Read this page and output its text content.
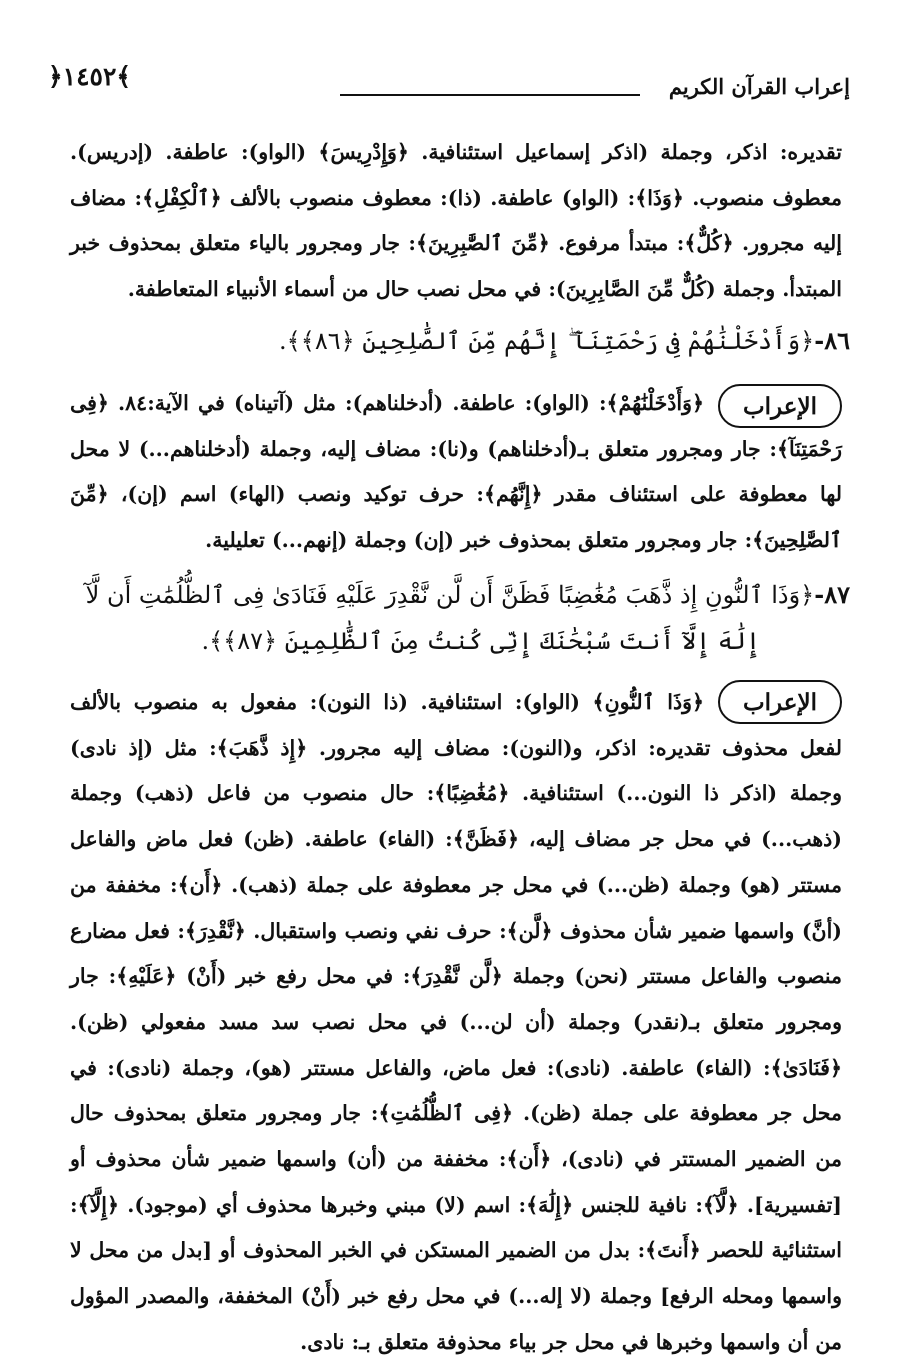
إعراب القرآن الكريم
﴿١٤٥٢﴾
تقديره: اذكر، وجملة (اذكر إسماعيل استئنافية. ﴿وَإِدْرِيسَ﴾ (الواو): عاطفة. (إدريس). معطوف منصوب. ﴿وَذَا﴾: (الواو) عاطفة. (ذا): معطوف منصوب بالألف ﴿ٱلْكِفْلِ﴾: مضاف إليه مجرور. ﴿كُلٌّ﴾: مبتدأ مرفوع. ﴿مِّنَ ٱلصَّٰبِرِينَ﴾: جار ومجرور بالياء متعلق بمحذوف خبر المبتدأ. وجملة (كُلٌّ مِّنَ الصَّابِرِينَ): في محل نصب حال من أسماء الأنبياء المتعاطفة.
٨٦-﴿وَأَدْخَلْنَٰهُمْ فِى رَحْمَتِنَآ ۖ إِنَّهُم مِّنَ ٱلصَّٰلِحِينَ ﴿٨٦﴾﴾.
الإعراب
﴿وَأَدْخَلْنَٰهُمْ﴾: (الواو): عاطفة. (أدخلناهم): مثل (آتيناه) في الآية:٨٤. ﴿فِى رَحْمَتِنَآ﴾: جار ومجرور متعلق بـ(أدخلناهم) و(نا): مضاف إليه، وجملة (أدخلناهم...) لا محل لها معطوفة على استئناف مقدر ﴿إِنَّهُم﴾: حرف توكيد ونصب (الهاء) اسم (إن)، ﴿مِّنَ ٱلصَّٰلِحِينَ﴾: جار ومجرور متعلق بمحذوف خبر (إن) وجملة (إنهم...) تعليلية.
٨٧-﴿وَذَا ٱلنُّونِ إِذ ذَّهَبَ مُغَٰضِبًا فَظَنَّ أَن لَّن نَّقْدِرَ عَلَيْهِ فَنَادَىٰ فِى ٱلظُّلُمَٰتِ أَن لَّآ
إِلَٰهَ إِلَّآ أَنتَ سُبْحَٰنَكَ إِنِّى كُنتُ مِنَ ٱلظَّٰلِمِينَ ﴿٨٧﴾﴾.
الإعراب
﴿وَذَا ٱلنُّونِ﴾ (الواو): استئنافية. (ذا النون): مفعول به منصوب بالألف لفعل محذوف تقديره: اذكر، و(النون): مضاف إليه مجرور. ﴿إِذ ذَّهَبَ﴾: مثل (إذ نادى) وجملة (اذكر ذا النون...) استئنافية. ﴿مُغَٰضِبًا﴾: حال منصوب من فاعل (ذهب) وجملة (ذهب...) في محل جر مضاف إليه، ﴿فَظَنَّ﴾: (الفاء) عاطفة. (ظن) فعل ماض والفاعل مستتر (هو) وجملة (ظن...) في محل جر معطوفة على جملة (ذهب). ﴿أَن﴾: مخففة من (أنَّ) واسمها ضمير شأن محذوف ﴿لَّن﴾: حرف نفي ونصب واستقبال. ﴿نَّقْدِرَ﴾: فعل مضارع منصوب والفاعل مستتر (نحن) وجملة ﴿لَّن نَّقْدِرَ﴾: في محل رفع خبر (أَنْ) ﴿عَلَيْهِ﴾: جار ومجرور متعلق بـ(نقدر) وجملة (أن لن...) في محل نصب سد مسد مفعولي (ظن). ﴿فَنَادَىٰ﴾: (الفاء) عاطفة. (نادى): فعل ماض، والفاعل مستتر (هو)، وجملة (نادى): في محل جر معطوفة على جملة (ظن). ﴿فِى ٱلظُّلُمَٰتِ﴾: جار ومجرور متعلق بمحذوف حال من الضمير المستتر في (نادى)، ﴿أَن﴾: مخففة من (أن) واسمها ضمير شأن محذوف أو [تفسيرية]. ﴿لَّآ﴾: نافية للجنس ﴿إِلَٰهَ﴾: اسم (لا) مبني وخبرها محذوف أي (موجود). ﴿إِلَّآ﴾: استثنائية للحصر ﴿أَنتَ﴾: بدل من الضمير المستكن في الخبر المحذوف أو [بدل من محل لا واسمها ومحله الرفع] وجملة (لا إله...) في محل رفع خبر (أَنْ) المخففة، والمصدر المؤول من أن واسمها وخبرها في محل جر بياء محذوفة متعلق بـ: نادى.
